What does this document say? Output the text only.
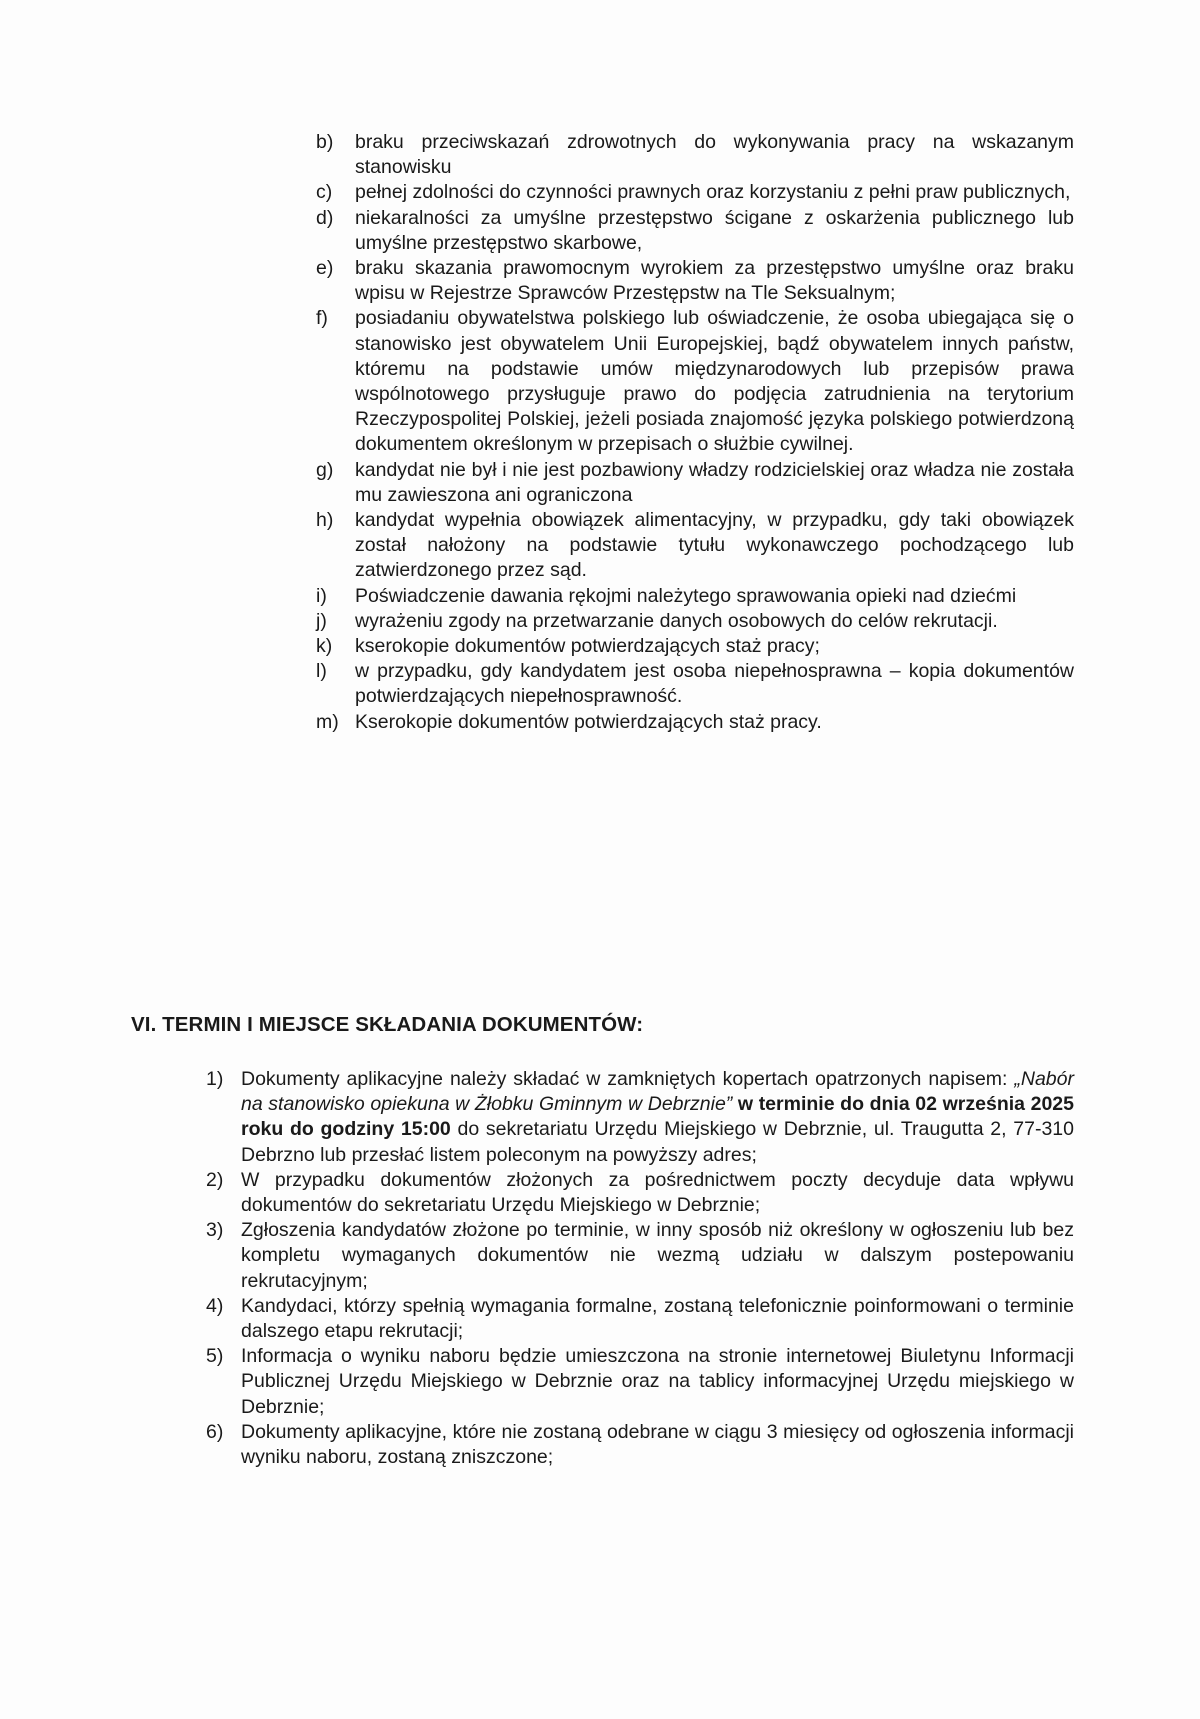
b) braku przeciwskazań zdrowotnych do wykonywania pracy na wskazanym stanowisku
c) pełnej zdolności do czynności prawnych oraz korzystaniu z pełni praw publicznych,
d) niekaralności za umyślne przestępstwo ścigane z oskarżenia publicznego lub umyślne przestępstwo skarbowe,
e) braku skazania prawomocnym wyrokiem za przestępstwo umyślne oraz braku wpisu w Rejestrze Sprawców Przestępstw na Tle Seksualnym;
f) posiadaniu obywatelstwa polskiego lub oświadczenie, że osoba ubiegająca się o stanowisko jest obywatelem Unii Europejskiej, bądź obywatelem innych państw, któremu na podstawie umów międzynarodowych lub przepisów prawa wspólnotowego przysługuje prawo do podjęcia zatrudnienia na terytorium Rzeczypospolitej Polskiej, jeżeli posiada znajomość języka polskiego potwierdzoną dokumentem określonym w przepisach o służbie cywilnej.
g) kandydat nie był i nie jest pozbawiony władzy rodzicielskiej oraz władza nie została mu zawieszona ani ograniczona
h) kandydat wypełnia obowiązek alimentacyjny, w przypadku, gdy taki obowiązek został nałożony na podstawie tytułu wykonawczego pochodzącego lub zatwierdzonego przez sąd.
i) Poświadczenie dawania rękojmi należytego sprawowania opieki nad dziećmi
j) wyrażeniu zgody na przetwarzanie danych osobowych do celów rekrutacji.
k) kserokopie dokumentów potwierdzających staż pracy;
l) w przypadku, gdy kandydatem jest osoba niepełnosprawna – kopia dokumentów potwierdzających niepełnosprawność.
m) Kserokopie dokumentów potwierdzających staż pracy.
VI. TERMIN I MIEJSCE SKŁADANIA DOKUMENTÓW:
1) Dokumenty aplikacyjne należy składać w zamkniętych kopertach opatrzonych napisem: „Nabór na stanowisko opiekuna w Żłobku Gminnym w Debrznie” w terminie do dnia 02 września 2025 roku do godziny 15:00 do sekretariatu Urzędu Miejskiego w Debrznie, ul. Traugutta 2, 77-310 Debrzno lub przesłać listem poleconym na powyższy adres;
2) W przypadku dokumentów złożonych za pośrednictwem poczty decyduje data wpływu dokumentów do sekretariatu Urzędu Miejskiego w Debrznie;
3) Zgłoszenia kandydatów złożone po terminie, w inny sposób niż określony w ogłoszeniu lub bez kompletu wymaganych dokumentów nie wezmą udziału w dalszym postepowaniu rekrutacyjnym;
4) Kandydaci, którzy spełnią wymagania formalne, zostaną telefonicznie poinformowani o terminie dalszego etapu rekrutacji;
5) Informacja o wyniku naboru będzie umieszczona na stronie internetowej Biuletynu Informacji Publicznej Urzędu Miejskiego w Debrznie oraz na tablicy informacyjnej Urzędu miejskiego w Debrznie;
6) Dokumenty aplikacyjne, które nie zostaną odebrane w ciągu 3 miesięcy od ogłoszenia informacji wyniku naboru, zostaną zniszczone;
